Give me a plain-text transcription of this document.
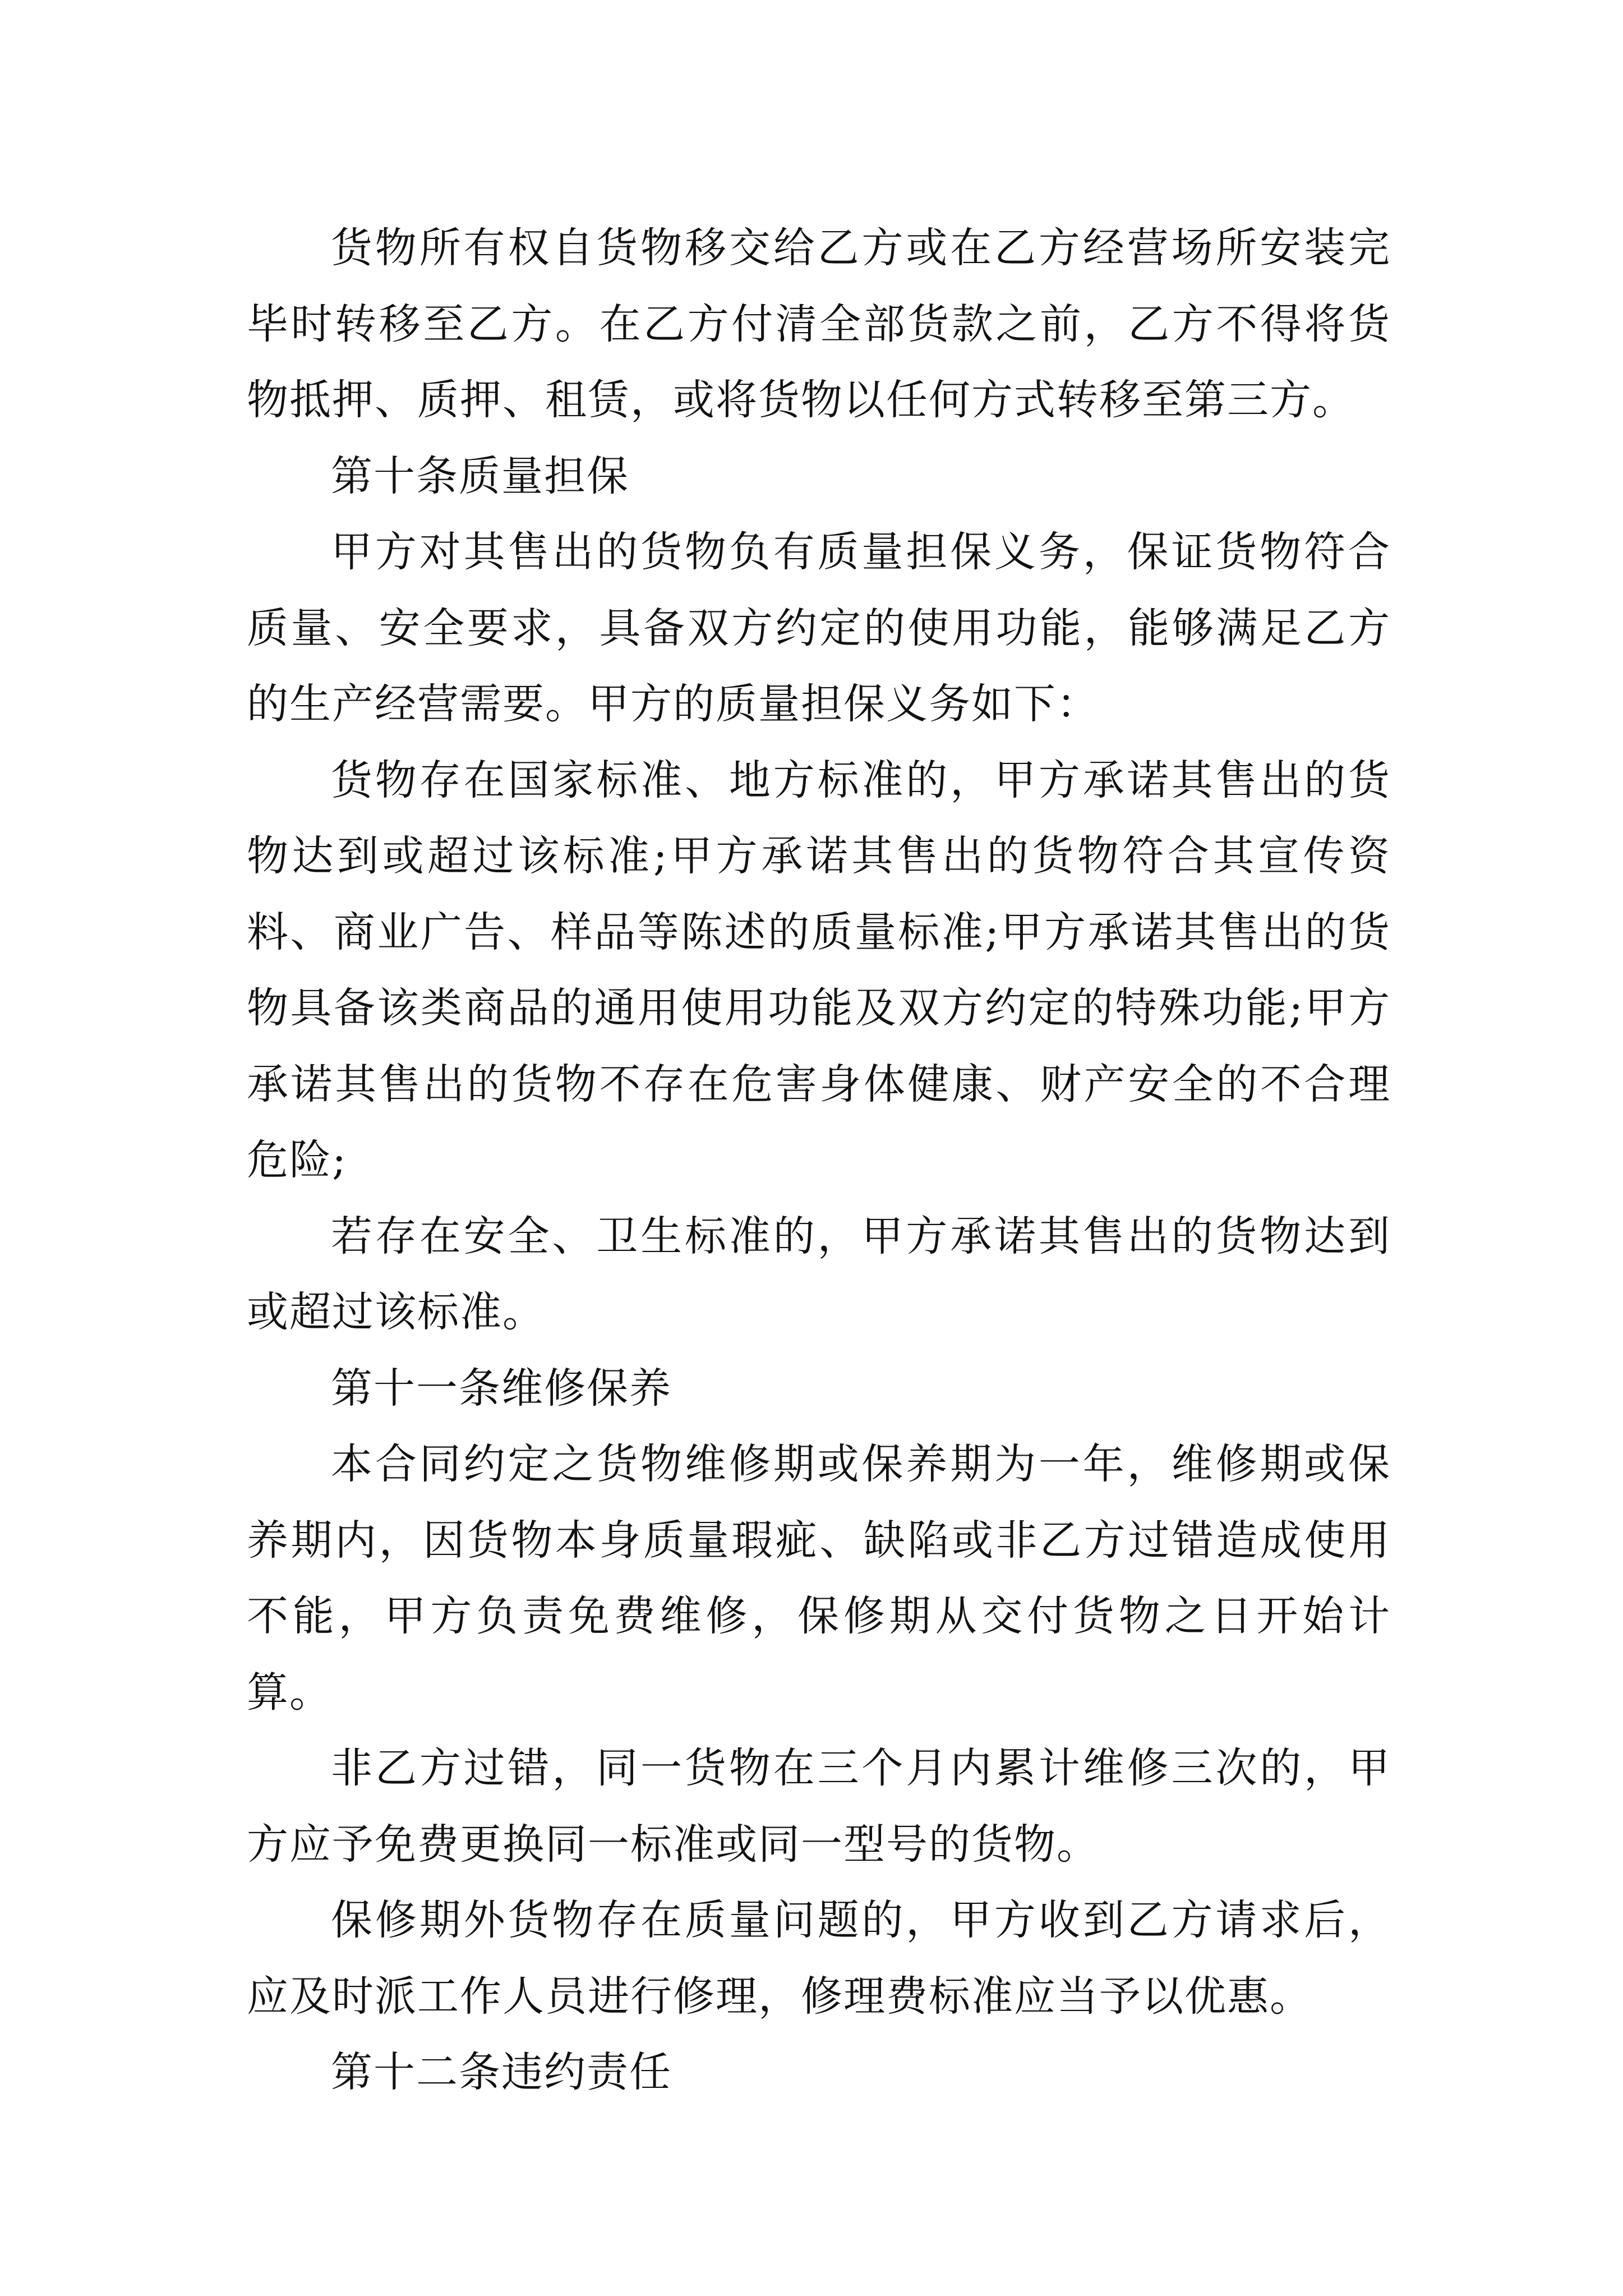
货物所有权自货物移交给乙方或在乙方经营场所安装完毕时转移至乙方。在乙方付清全部货款之前，乙方不得将货物抵押、质押、租赁，或将货物以任何方式转移至第三方。

第十条质量担保

甲方对其售出的货物负有质量担保义务，保证货物符合质量、安全要求，具备双方约定的使用功能，能够满足乙方的生产经营需要。甲方的质量担保义务如下：

货物存在国家标准、地方标准的，甲方承诺其售出的货物达到或超过该标准;甲方承诺其售出的货物符合其宣传资料、商业广告、样品等陈述的质量标准;甲方承诺其售出的货物具备该类商品的通用使用功能及双方约定的特殊功能;甲方承诺其售出的货物不存在危害身体健康、财产安全的不合理危险;

若存在安全、卫生标准的，甲方承诺其售出的货物达到或超过该标准。

第十一条维修保养

本合同约定之货物维修期或保养期为一年，维修期或保养期内，因货物本身质量瑕疵、缺陷或非乙方过错造成使用不能，甲方负责免费维修，保修期从交付货物之日开始计算。

非乙方过错，同一货物在三个月内累计维修三次的，甲方应予免费更换同一标准或同一型号的货物。

保修期外货物存在质量问题的，甲方收到乙方请求后，应及时派工作人员进行修理，修理费标准应当予以优惠。

第十二条违约责任
